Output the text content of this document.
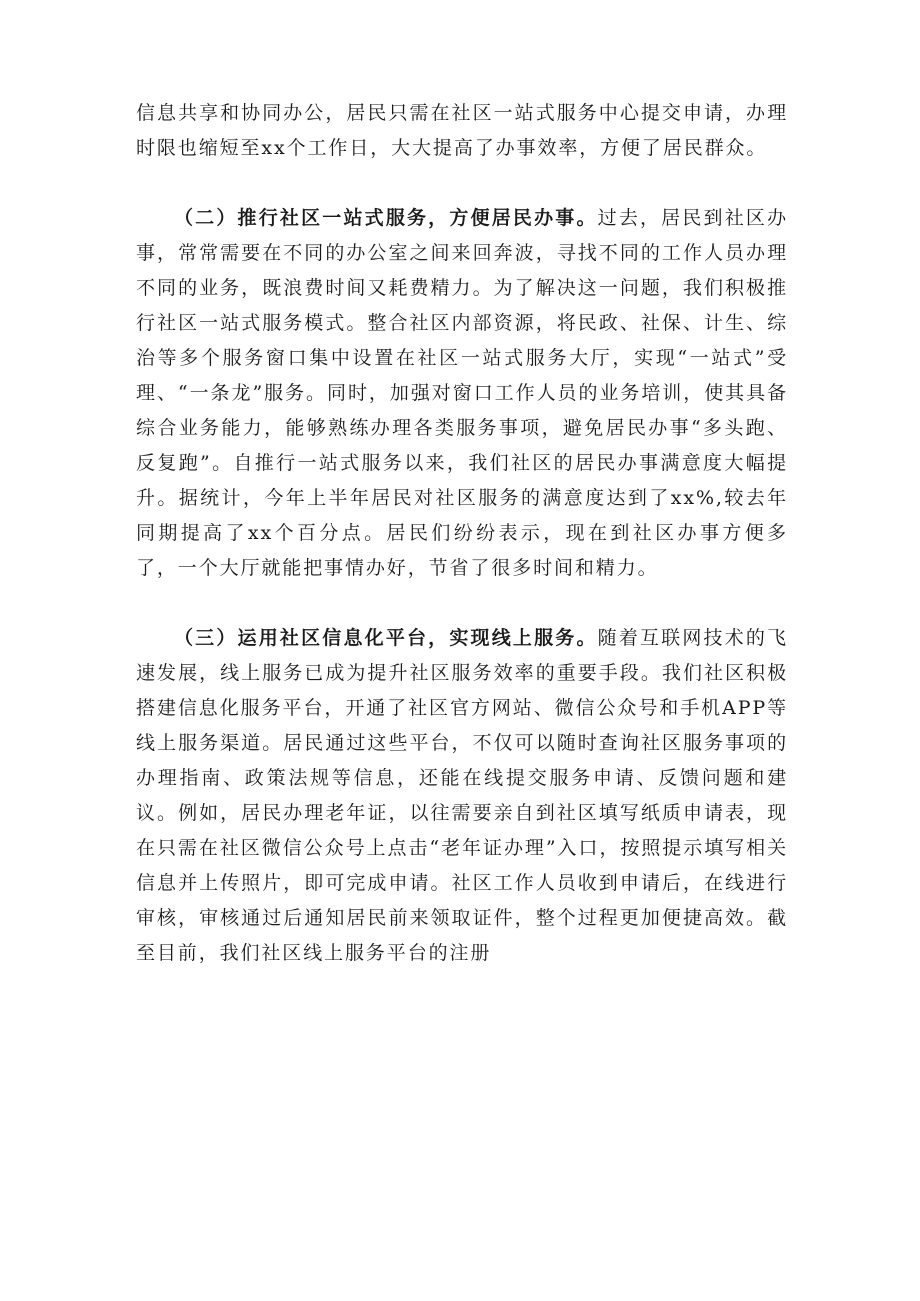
信息共享和协同办公，居民只需在社区一站式服务中心提交申请，办理时限也缩短至xx个工作日，大大提高了办事效率，方便了居民群众。

（二）推行社区一站式服务，方便居民办事。过去，居民到社区办事，常常需要在不同的办公室之间来回奔波，寻找不同的工作人员办理不同的业务，既浪费时间又耗费精力。为了解决这一问题，我们积极推行社区一站式服务模式。整合社区内部资源，将民政、社保、计生、综治等多个服务窗口集中设置在社区一站式服务大厅，实现“一站式”受理、“一条龙”服务。同时，加强对窗口工作人员的业务培训，使其具备综合业务能力，能够熟练办理各类服务事项，避免居民办事“多头跑、反复跑”。自推行一站式服务以来，我们社区的居民办事满意度大幅提升。据统计，今年上半年居民对社区服务的满意度达到了xx%,较去年同期提高了xx个百分点。居民们纷纷表示，现在到社区办事方便多了，一个大厅就能把事情办好，节省了很多时间和精力。

（三）运用社区信息化平台，实现线上服务。随着互联网技术的飞速发展，线上服务已成为提升社区服务效率的重要手段。我们社区积极搭建信息化服务平台，开通了社区官方网站、微信公众号和手机APP等线上服务渠道。居民通过这些平台，不仅可以随时查询社区服务事项的办理指南、政策法规等信息，还能在线提交服务申请、反馈问题和建议。例如，居民办理老年证，以往需要亲自到社区填写纸质申请表，现在只需在社区微信公众号上点击“老年证办理”入口，按照提示填写相关信息并上传照片，即可完成申请。社区工作人员收到申请后，在线进行审核，审核通过后通知居民前来领取证件，整个过程更加便捷高效。截至目前，我们社区线上服务平台的注册
